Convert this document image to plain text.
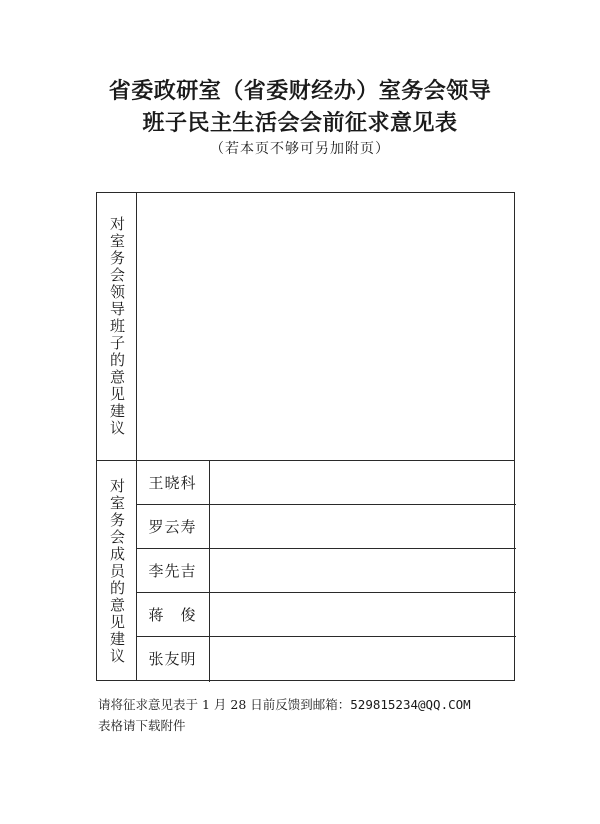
省委政研室（省委财经办）室务会领导
班子民主生活会会前征求意见表
（若本页不够可另加附页）
对室务会领导班子的意见建议
对室务会成员的意见建议	王晓科
罗云寿
李先吉
蒋　俊
张友明
请将征求意见表于 1 月 28 日前反馈到邮箱：529815234@QQ.COM
表格请下载附件
